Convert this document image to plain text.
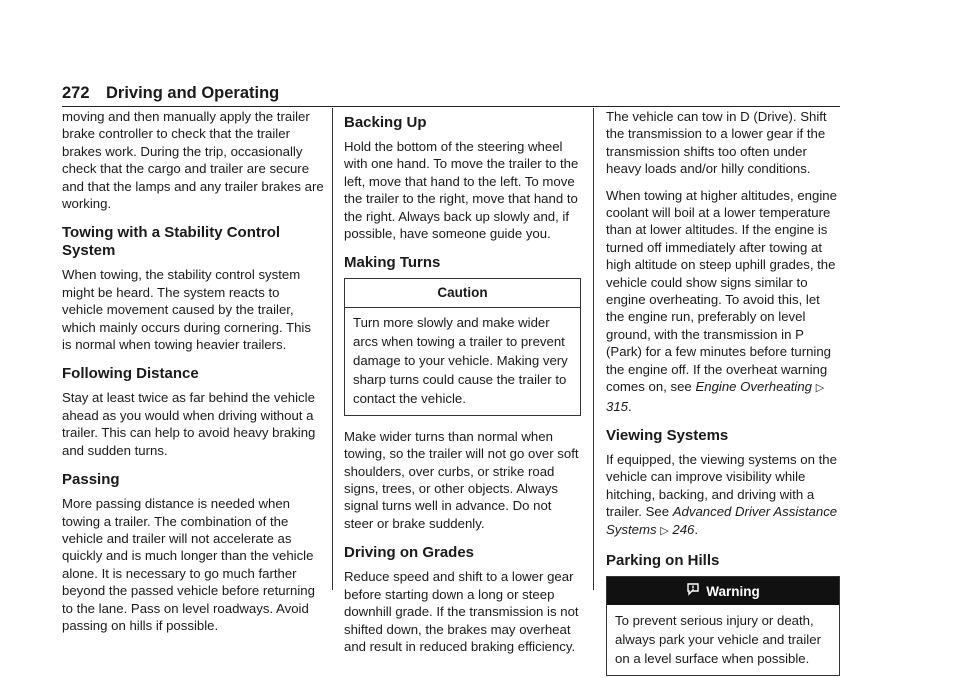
272 Driving and Operating

moving and then manually apply the trailer brake controller to check that the trailer brakes work. During the trip, occasionally check that the cargo and trailer are secure and that the lamps and any trailer brakes are working.

Towing with a Stability Control System

When towing, the stability control system might be heard. The system reacts to vehicle movement caused by the trailer, which mainly occurs during cornering. This is normal when towing heavier trailers.

Following Distance

Stay at least twice as far behind the vehicle ahead as you would when driving without a trailer. This can help to avoid heavy braking and sudden turns.

Passing

More passing distance is needed when towing a trailer. The combination of the vehicle and trailer will not accelerate as quickly and is much longer than the vehicle alone. It is necessary to go much farther beyond the passed vehicle before returning to the lane. Pass on level roadways. Avoid passing on hills if possible.

Backing Up

Hold the bottom of the steering wheel with one hand. To move the trailer to the left, move that hand to the left. To move the trailer to the right, move that hand to the right. Always back up slowly and, if possible, have someone guide you.

Making Turns
Caution
Turn more slowly and make wider arcs when towing a trailer to prevent damage to your vehicle. Making very sharp turns could cause the trailer to contact the vehicle.

Make wider turns than normal when towing, so the trailer will not go over soft shoulders, over curbs, or strike road signs, trees, or other objects. Always signal turns well in advance. Do not steer or brake suddenly.

Driving on Grades

Reduce speed and shift to a lower gear before starting down a long or steep downhill grade. If the transmission is not shifted down, the brakes may overheat and result in reduced braking efficiency.

The vehicle can tow in D (Drive). Shift the transmission to a lower gear if the transmission shifts too often under heavy loads and/or hilly conditions.

When towing at higher altitudes, engine coolant will boil at a lower temperature than at lower altitudes. If the engine is turned off immediately after towing at high altitude on steep uphill grades, the vehicle could show signs similar to engine overheating. To avoid this, let the engine run, preferably on level ground, with the transmission in P (Park) for a few minutes before turning the engine off. If the overheat warning comes on, see Engine Overheating ▷ 315.

Viewing Systems

If equipped, the viewing systems on the vehicle can improve visibility while hitching, backing, and driving with a trailer. See Advanced Driver Assistance Systems ▷ 246.

Parking on Hills
Warning
To prevent serious injury or death, always park your vehicle and trailer on a level surface when possible.
